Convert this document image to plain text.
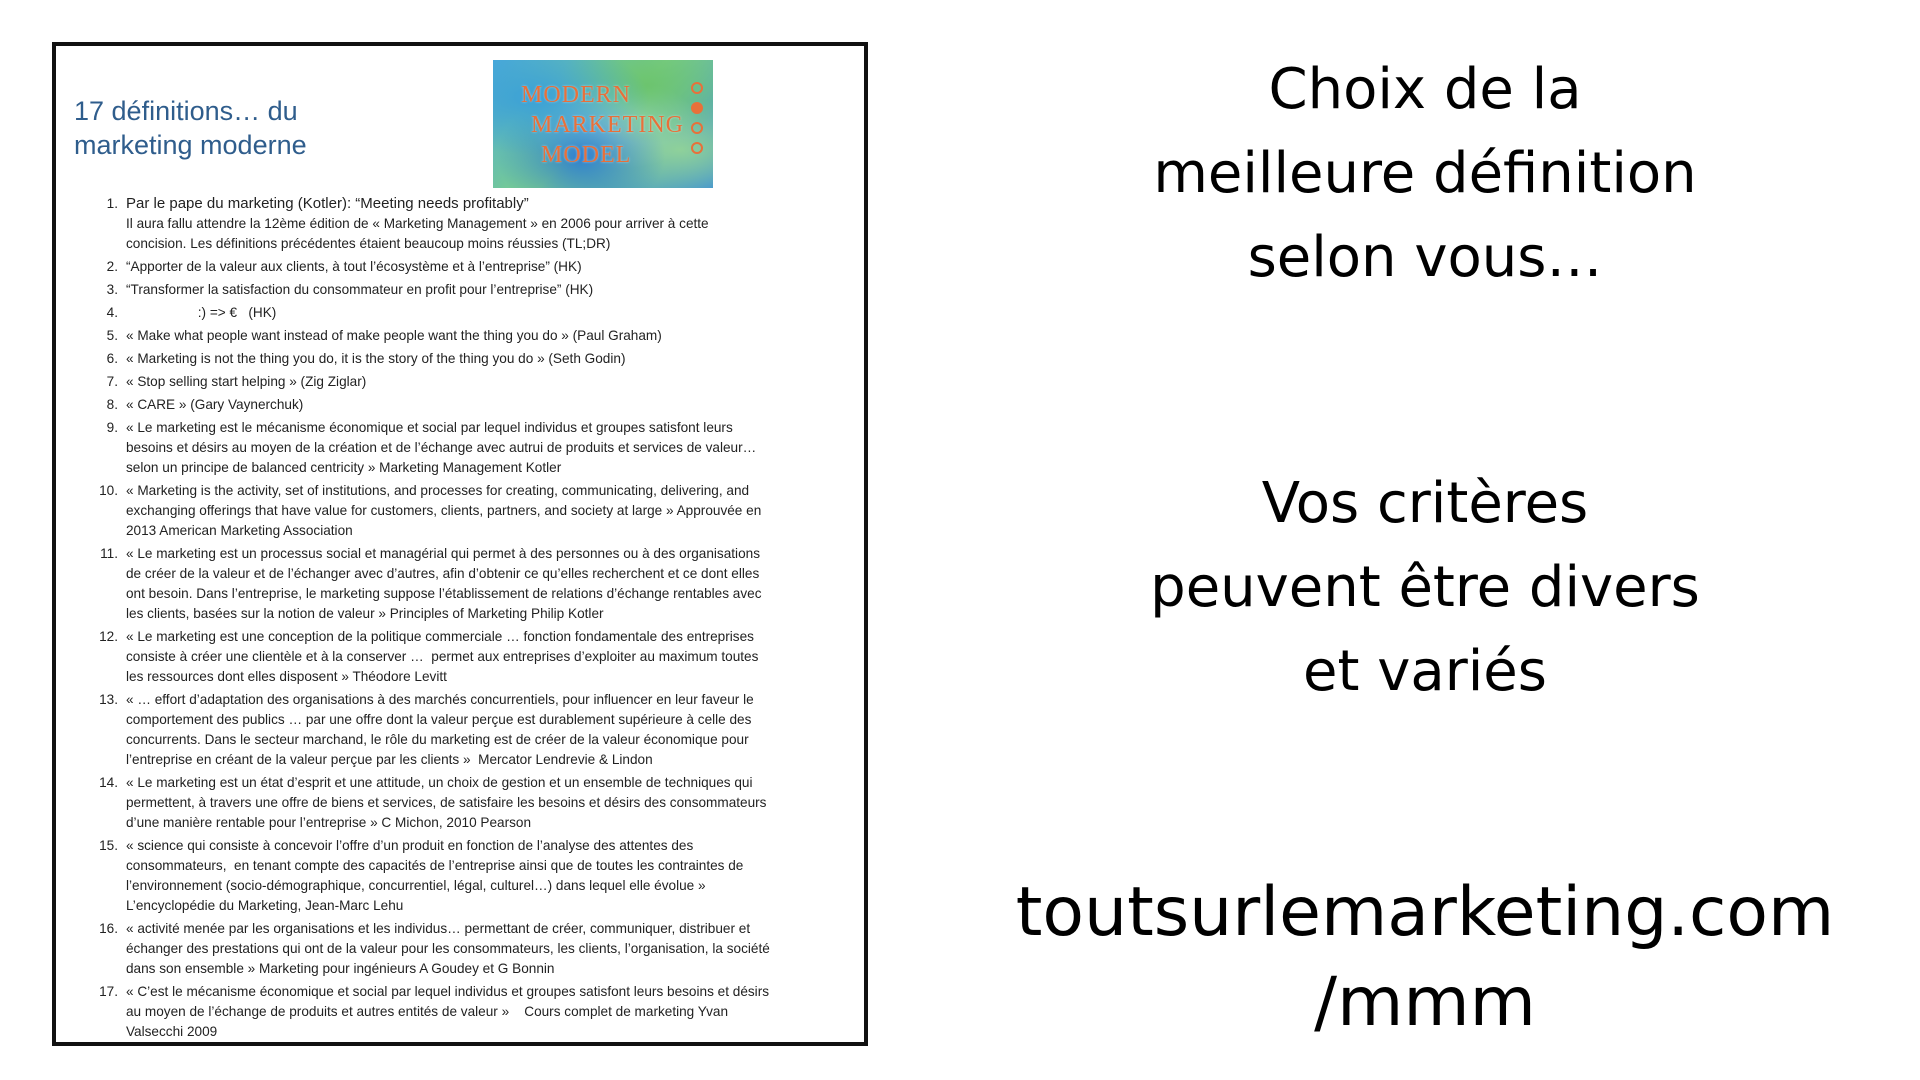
17 définitions… du
marketing moderne
MODERN
MARKETING
MODEL
1. Par le pape du marketing (Kotler): “Meeting needs profitably”
Il aura fallu attendre la 12ème édition de « Marketing Management » en 2006 pour arriver à cette
concision. Les définitions précédentes étaient beaucoup moins réussies (TL;DR)
2. “Apporter de la valeur aux clients, à tout l’écosystème et à l’entreprise” (HK)
3. “Transformer la satisfaction du consommateur en profit pour l’entreprise” (HK)
4. :) => €   (HK)
5. « Make what people want instead of make people want the thing you do » (Paul Graham)
6. « Marketing is not the thing you do, it is the story of the thing you do » (Seth Godin)
7. « Stop selling start helping » (Zig Ziglar)
8. « CARE » (Gary Vaynerchuk)
9. « Le marketing est le mécanisme économique et social par lequel individus et groupes satisfont leurs
besoins et désirs au moyen de la création et de l’échange avec autrui de produits et services de valeur…
selon un principe de balanced centricity » Marketing Management Kotler
10. « Marketing is the activity, set of institutions, and processes for creating, communicating, delivering, and
exchanging offerings that have value for customers, clients, partners, and society at large » Approuvée en
2013 American Marketing Association
11. « Le marketing est un processus social et managérial qui permet à des personnes ou à des organisations
de créer de la valeur et de l’échanger avec d’autres, afin d’obtenir ce qu’elles recherchent et ce dont elles
ont besoin. Dans l’entreprise, le marketing suppose l’établissement de relations d’échange rentables avec
les clients, basées sur la notion de valeur » Principles of Marketing Philip Kotler
12. « Le marketing est une conception de la politique commerciale … fonction fondamentale des entreprises
consiste à créer une clientèle et à la conserver …  permet aux entreprises d’exploiter au maximum toutes
les ressources dont elles disposent » Théodore Levitt
13. « … effort d’adaptation des organisations à des marchés concurrentiels, pour influencer en leur faveur le
comportement des publics … par une offre dont la valeur perçue est durablement supérieure à celle des
concurrents. Dans le secteur marchand, le rôle du marketing est de créer de la valeur économique pour
l’entreprise en créant de la valeur perçue par les clients »  Mercator Lendrevie & Lindon
14. « Le marketing est un état d’esprit et une attitude, un choix de gestion et un ensemble de techniques qui
permettent, à travers une offre de biens et services, de satisfaire les besoins et désirs des consommateurs
d’une manière rentable pour l’entreprise » C Michon, 2010 Pearson
15. « science qui consiste à concevoir l’offre d’un produit en fonction de l’analyse des attentes des
consommateurs,  en tenant compte des capacités de l’entreprise ainsi que de toutes les contraintes de
l’environnement (socio-démographique, concurrentiel, légal, culturel…) dans lequel elle évolue »
L’encyclopédie du Marketing, Jean-Marc Lehu
16. « activité menée par les organisations et les individus… permettant de créer, communiquer, distribuer et
échanger des prestations qui ont de la valeur pour les consommateurs, les clients, l’organisation, la société
dans son ensemble » Marketing pour ingénieurs A Goudey et G Bonnin
17. « C’est le mécanisme économique et social par lequel individus et groupes satisfont leurs besoins et désirs
au moyen de l’échange de produits et autres entités de valeur »    Cours complet de marketing Yvan
Valsecchi 2009
Choix de la
meilleure définition
selon vous…
Vos critères
peuvent être divers
et variés
toutsurlemarketing.com
/mmm
